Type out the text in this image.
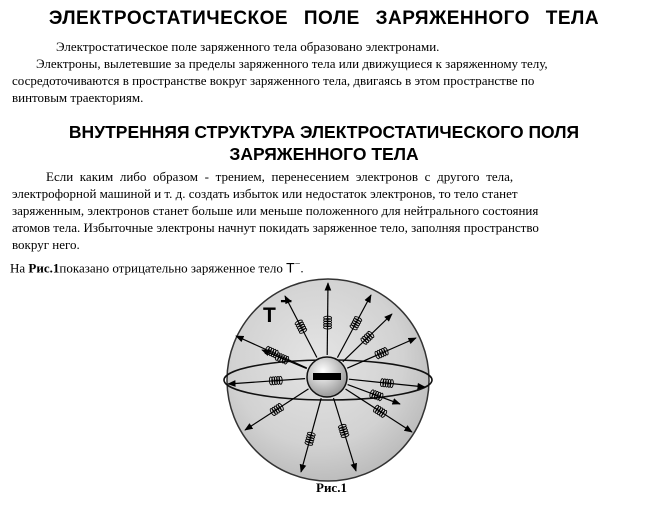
ЭЛЕКТРОСТАТИЧЕСКОЕ ПОЛЕ ЗАРЯЖЕННОГО ТЕЛА
Электростатическое поле заряженного тела образовано электронами.
Электроны, вылетевшие за пределы заряженного тела или движущиеся к заряженному телу,
сосредоточиваются в пространстве вокруг заряженного тела, двигаясь в этом пространстве по
винтовым траекториям.
ВНУТРЕННЯЯ СТРУКТУРА ЭЛЕКТРОСТАТИЧЕСКОГО ПОЛЯ
ЗАРЯЖЕННОГО ТЕЛА
Если каким либо образом - трением, перенесением электронов с другого тела,
электрофорной машиной и т. д. создать избыток или недостаток электронов, то тело станет
заряженным, электронов станет больше или меньше положенного для нейтрального состояния
атомов тела. Избыточные электроны начнут покидать заряженное тело, заполняя пространство
вокруг него.
На Рис.1показано отрицательно заряженное тело T−.
T
−
Рис.1
